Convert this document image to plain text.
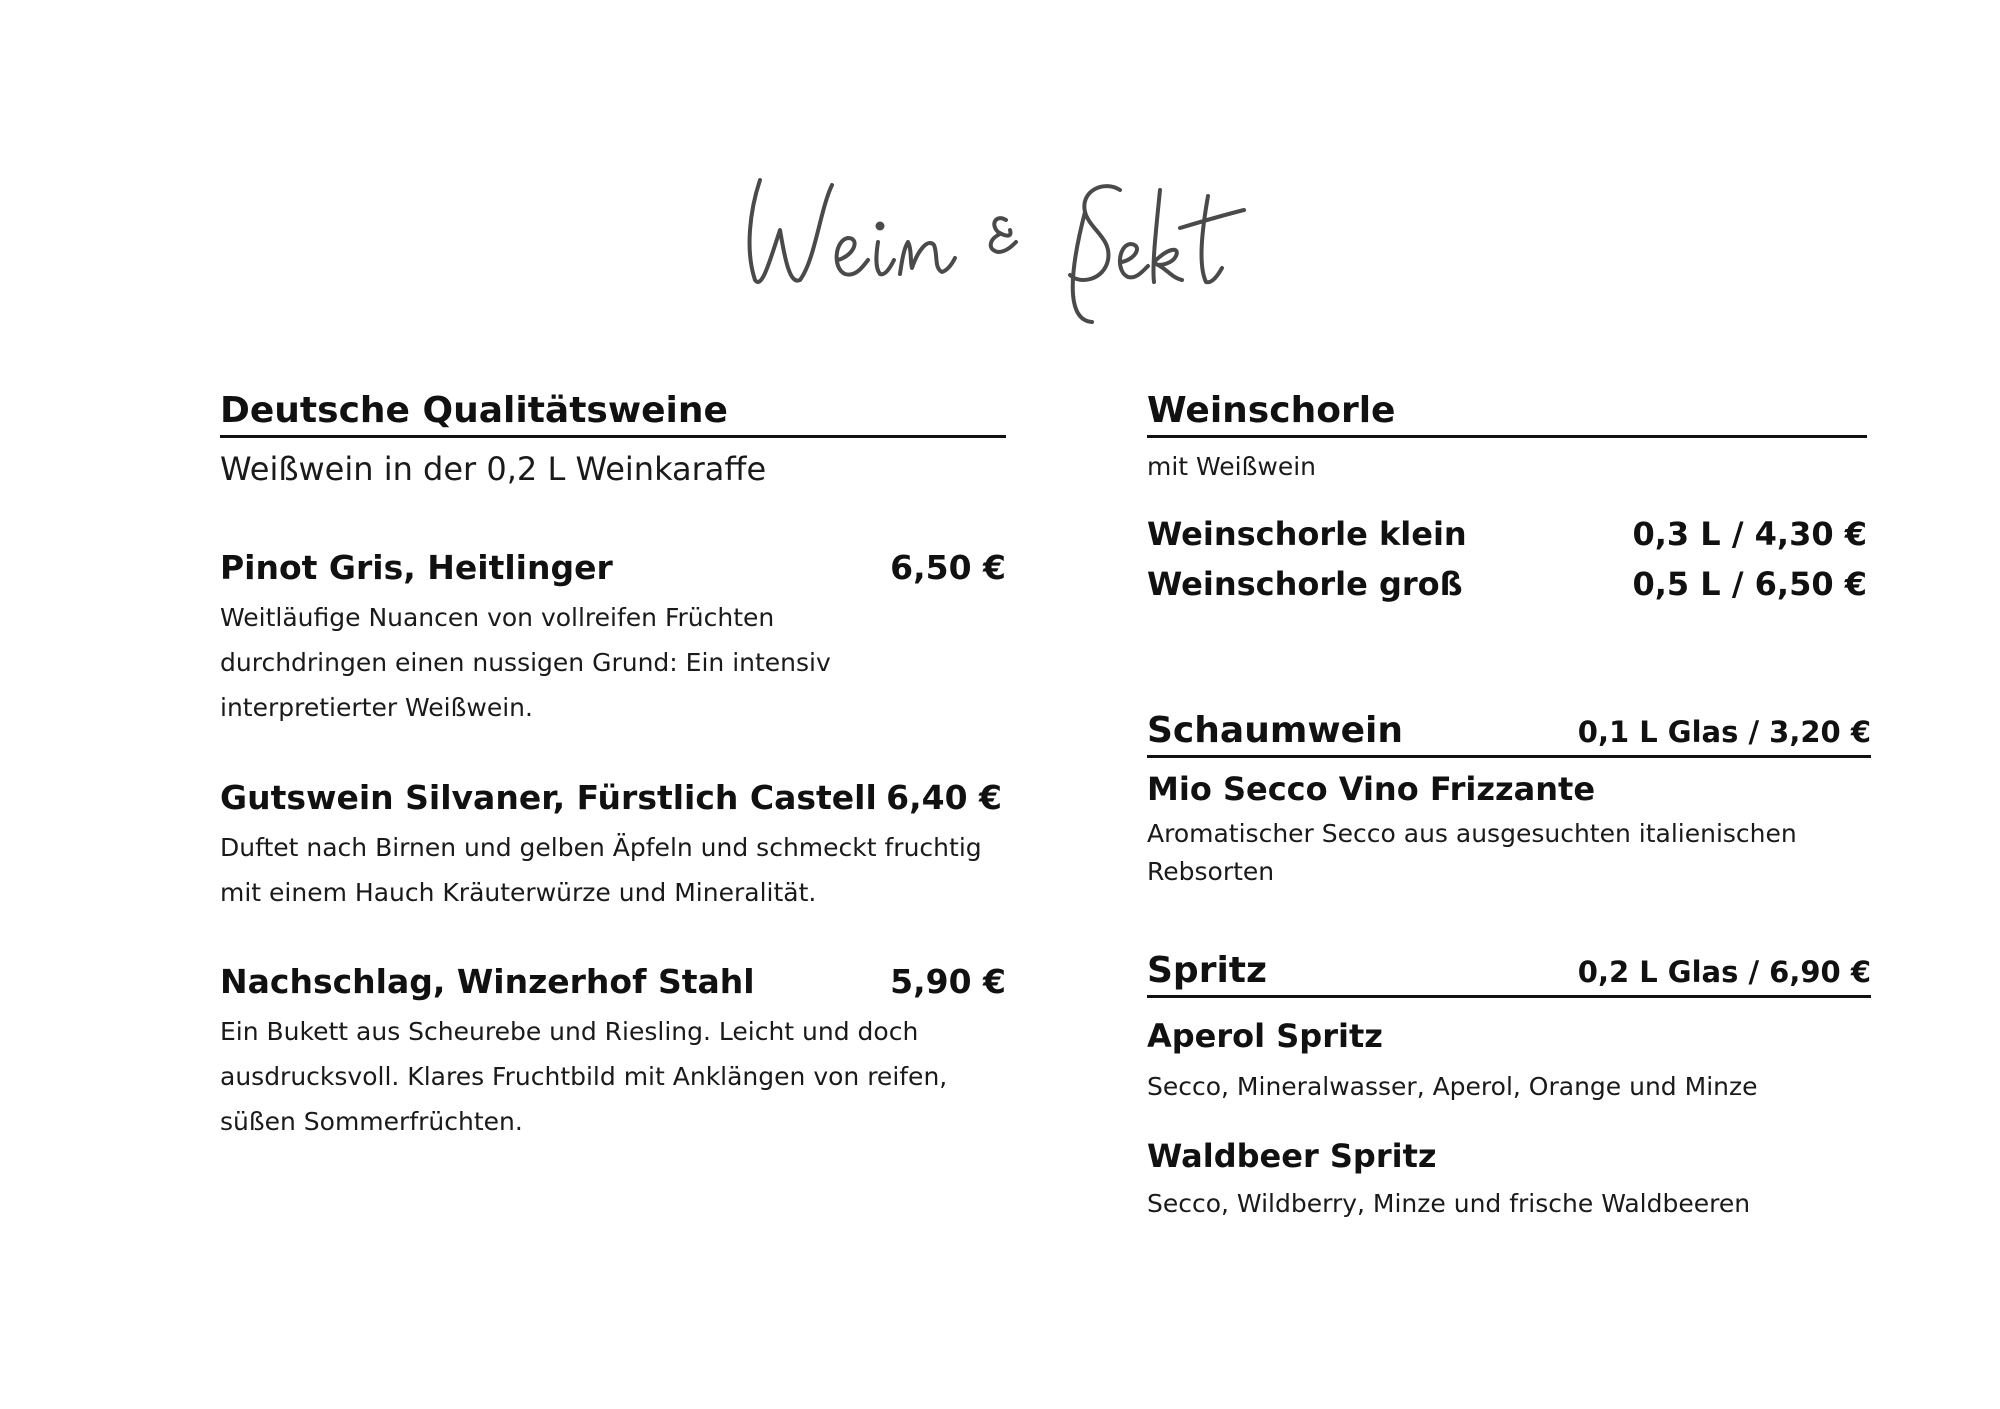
Deutsche Qualitätsweine
Weißwein in der 0,2 L Weinkaraffe
Pinot Gris, Heitlinger	6,50 €
Weitläufige Nuancen von vollreifen Früchten durchdringen einen nussigen Grund: Ein intensiv interpretierter Weißwein.
Gutswein Silvaner, Fürstlich Castell 6,40 €
Duftet nach Birnen und gelben Äpfeln und schmeckt fruchtig mit einem Hauch Kräuterwürze und Mineralität.
Nachschlag, Winzerhof Stahl	5,90 €
Ein Bukett aus Scheurebe und Riesling. Leicht und doch ausdrucksvoll. Klares Fruchtbild mit Anklängen von reifen, süßen Sommerfrüchten.
Weinschorle
mit Weißwein
Weinschorle klein	0,3 L / 4,30 €
Weinschorle groß	0,5 L / 6,50 €
Schaumwein	0,1 L Glas / 3,20 €
Mio Secco Vino Frizzante
Aromatischer Secco aus ausgesuchten italienischen Rebsorten
Spritz	0,2 L Glas / 6,90 €
Aperol Spritz
Secco, Mineralwasser, Aperol, Orange und Minze
Waldbeer Spritz
Secco, Wildberry, Minze und frische Waldbeeren
